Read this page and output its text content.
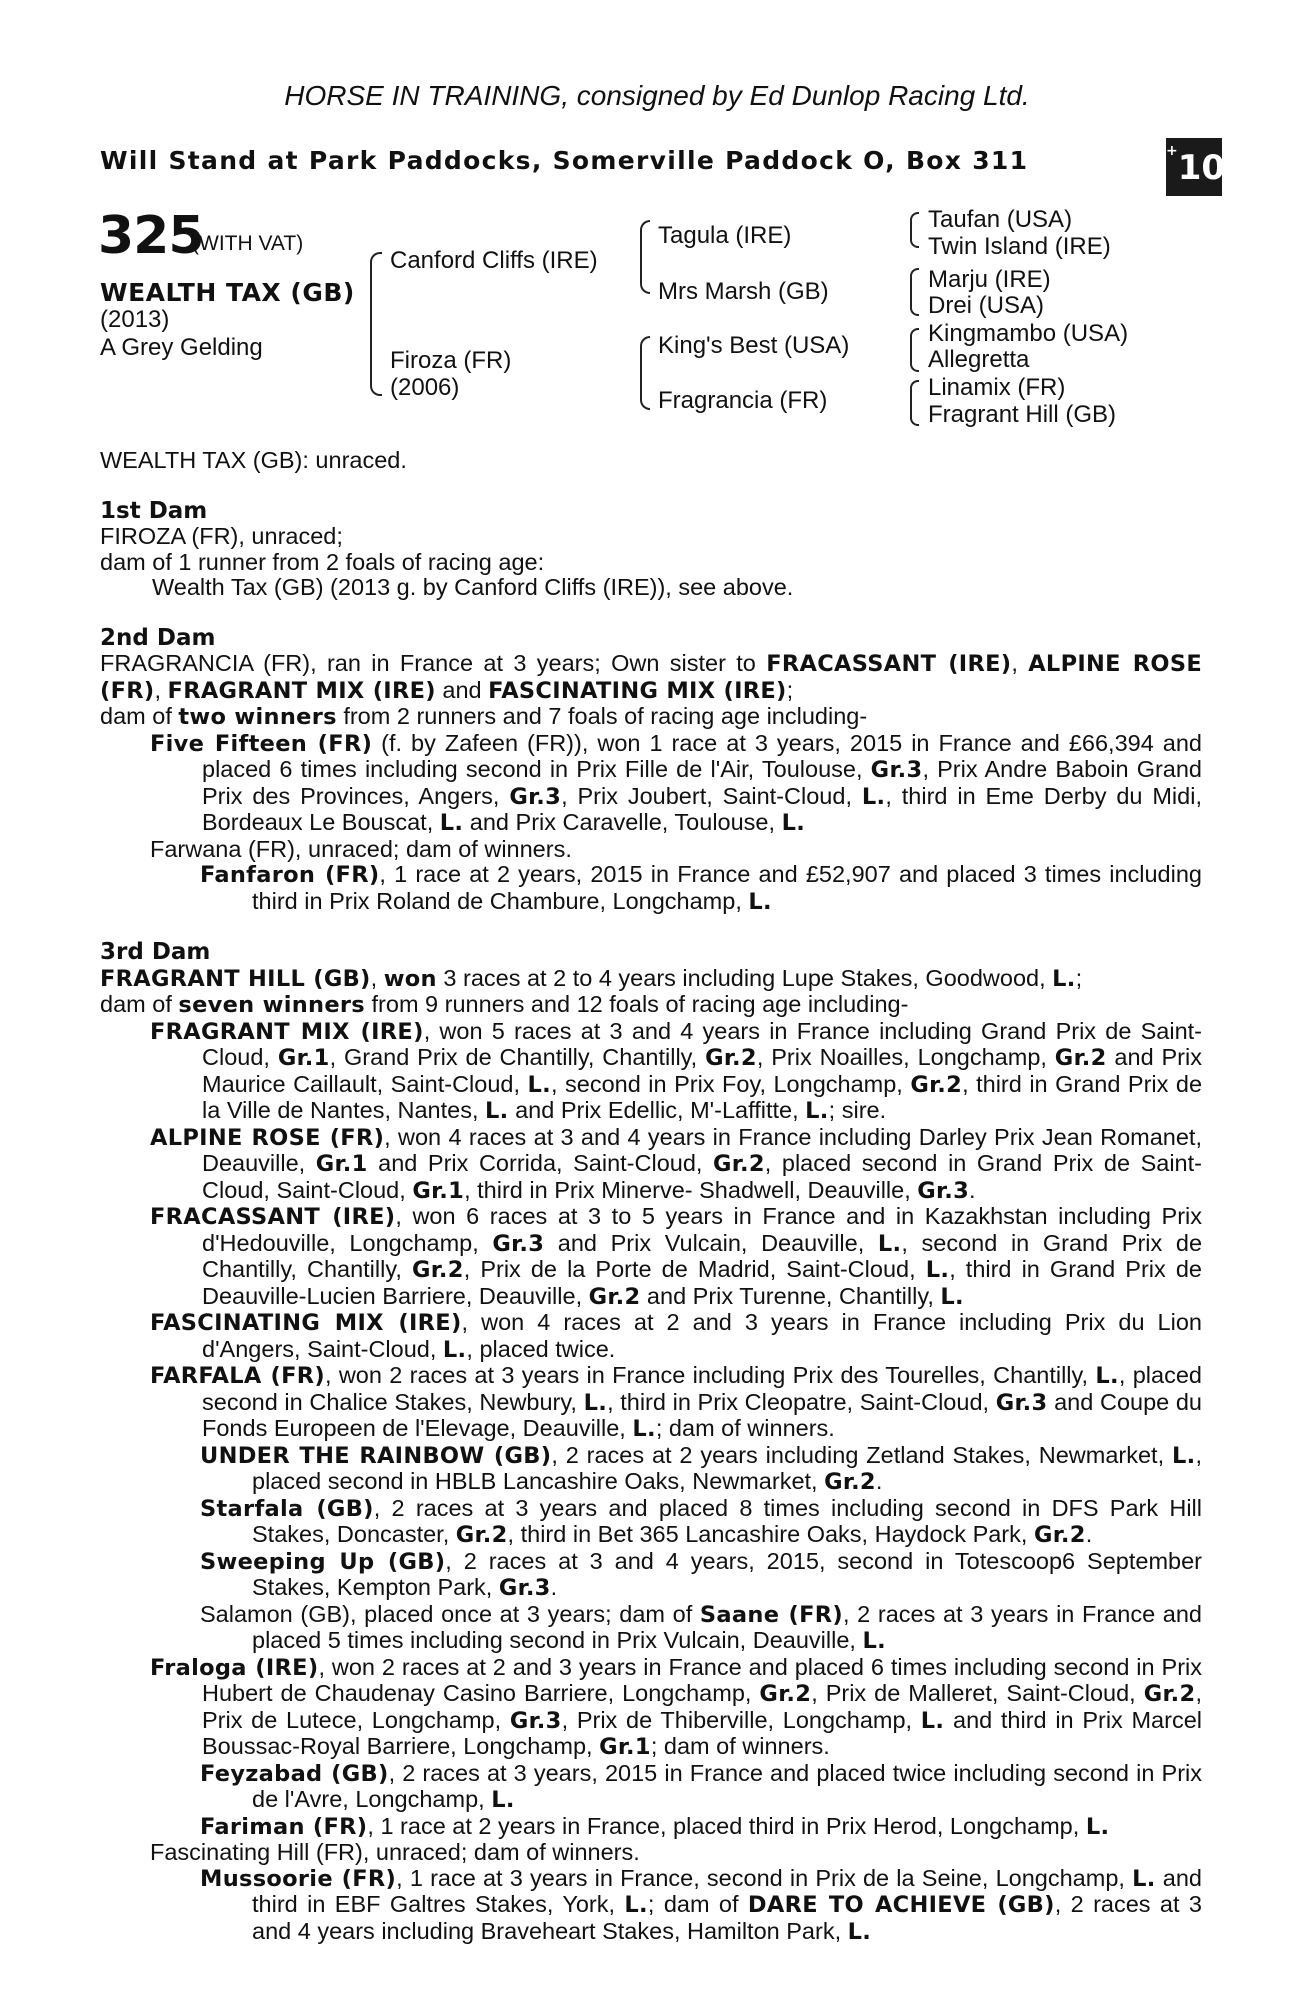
HORSE IN TRAINING, consigned by Ed Dunlop Racing Ltd.
Will Stand at Park Paddocks, Somerville Paddock O, Box 311	+10
325
(WITH VAT)
WEALTH TAX (GB)
(2013)
A Grey Gelding
Canford Cliffs (IRE)
Firoza (FR)
(2006)
Tagula (IRE)
Mrs Marsh (GB)
King's Best (USA)
Fragrancia (FR)
Taufan (USA)
Twin Island (IRE)
Marju (IRE)
Drei (USA)
Kingmambo (USA)
Allegretta
Linamix (FR)
Fragrant Hill (GB)

WEALTH TAX (GB): unraced.

1st Dam

FIROZA (FR), unraced;

dam of 1 runner from 2 foals of racing age:

Wealth Tax (GB) (2013 g. by Canford Cliffs (IRE)), see above.

2nd Dam

FRAGRANCIA (FR), ran in France at 3 years; Own sister to FRACASSANT (IRE), ALPINE ROSE (FR), FRAGRANT MIX (IRE) and FASCINATING MIX (IRE);

dam of two winners from 2 runners and 7 foals of racing age including-

Five Fifteen (FR) (f. by Zafeen (FR)), won 1 race at 3 years, 2015 in France and £66,394 and placed 6 times including second in Prix Fille de l'Air, Toulouse, Gr.3, Prix Andre Baboin Grand Prix des Provinces, Angers, Gr.3, Prix Joubert, Saint-Cloud, L., third in Eme Derby du Midi, Bordeaux Le Bouscat, L. and Prix Caravelle, Toulouse, L.

Farwana (FR), unraced; dam of winners.

Fanfaron (FR), 1 race at 2 years, 2015 in France and £52,907 and placed 3 times including third in Prix Roland de Chambure, Longchamp, L.

3rd Dam

FRAGRANT HILL (GB), won 3 races at 2 to 4 years including Lupe Stakes, Goodwood, L.;

dam of seven winners from 9 runners and 12 foals of racing age including-

FRAGRANT MIX (IRE), won 5 races at 3 and 4 years in France including Grand Prix de Saint-Cloud, Gr.1, Grand Prix de Chantilly, Chantilly, Gr.2, Prix Noailles, Longchamp, Gr.2 and Prix Maurice Caillault, Saint-Cloud, L., second in Prix Foy, Longchamp, Gr.2, third in Grand Prix de la Ville de Nantes, Nantes, L. and Prix Edellic, M'-Laffitte, L.; sire.

ALPINE ROSE (FR), won 4 races at 3 and 4 years in France including Darley Prix Jean Romanet, Deauville, Gr.1 and Prix Corrida, Saint-Cloud, Gr.2, placed second in Grand Prix de Saint-Cloud, Saint-Cloud, Gr.1, third in Prix Minerve- Shadwell, Deauville, Gr.3.

FRACASSANT (IRE), won 6 races at 3 to 5 years in France and in Kazakhstan including Prix d'Hedouville, Longchamp, Gr.3 and Prix Vulcain, Deauville, L., second in Grand Prix de Chantilly, Chantilly, Gr.2, Prix de la Porte de Madrid, Saint-Cloud, L., third in Grand Prix de Deauville-Lucien Barriere, Deauville, Gr.2 and Prix Turenne, Chantilly, L.

FASCINATING MIX (IRE), won 4 races at 2 and 3 years in France including Prix du Lion d'Angers, Saint-Cloud, L., placed twice.

FARFALA (FR), won 2 races at 3 years in France including Prix des Tourelles, Chantilly, L., placed second in Chalice Stakes, Newbury, L., third in Prix Cleopatre, Saint-Cloud, Gr.3 and Coupe du Fonds Europeen de l'Elevage, Deauville, L.; dam of winners.

UNDER THE RAINBOW (GB), 2 races at 2 years including Zetland Stakes, Newmarket, L., placed second in HBLB Lancashire Oaks, Newmarket, Gr.2.

Starfala (GB), 2 races at 3 years and placed 8 times including second in DFS Park Hill Stakes, Doncaster, Gr.2, third in Bet 365 Lancashire Oaks, Haydock Park, Gr.2.

Sweeping Up (GB), 2 races at 3 and 4 years, 2015, second in Totescoop6 September Stakes, Kempton Park, Gr.3.

Salamon (GB), placed once at 3 years; dam of Saane (FR), 2 races at 3 years in France and placed 5 times including second in Prix Vulcain, Deauville, L.

Fraloga (IRE), won 2 races at 2 and 3 years in France and placed 6 times including second in Prix Hubert de Chaudenay Casino Barriere, Longchamp, Gr.2, Prix de Malleret, Saint-Cloud, Gr.2, Prix de Lutece, Longchamp, Gr.3, Prix de Thiberville, Longchamp, L. and third in Prix Marcel Boussac-Royal Barriere, Longchamp, Gr.1; dam of winners.

Feyzabad (GB), 2 races at 3 years, 2015 in France and placed twice including second in Prix de l'Avre, Longchamp, L.

Fariman (FR), 1 race at 2 years in France, placed third in Prix Herod, Longchamp, L.

Fascinating Hill (FR), unraced; dam of winners.

Mussoorie (FR), 1 race at 3 years in France, second in Prix de la Seine, Longchamp, L. and third in EBF Galtres Stakes, York, L.; dam of DARE TO ACHIEVE (GB), 2 races at 3 and 4 years including Braveheart Stakes, Hamilton Park, L.
